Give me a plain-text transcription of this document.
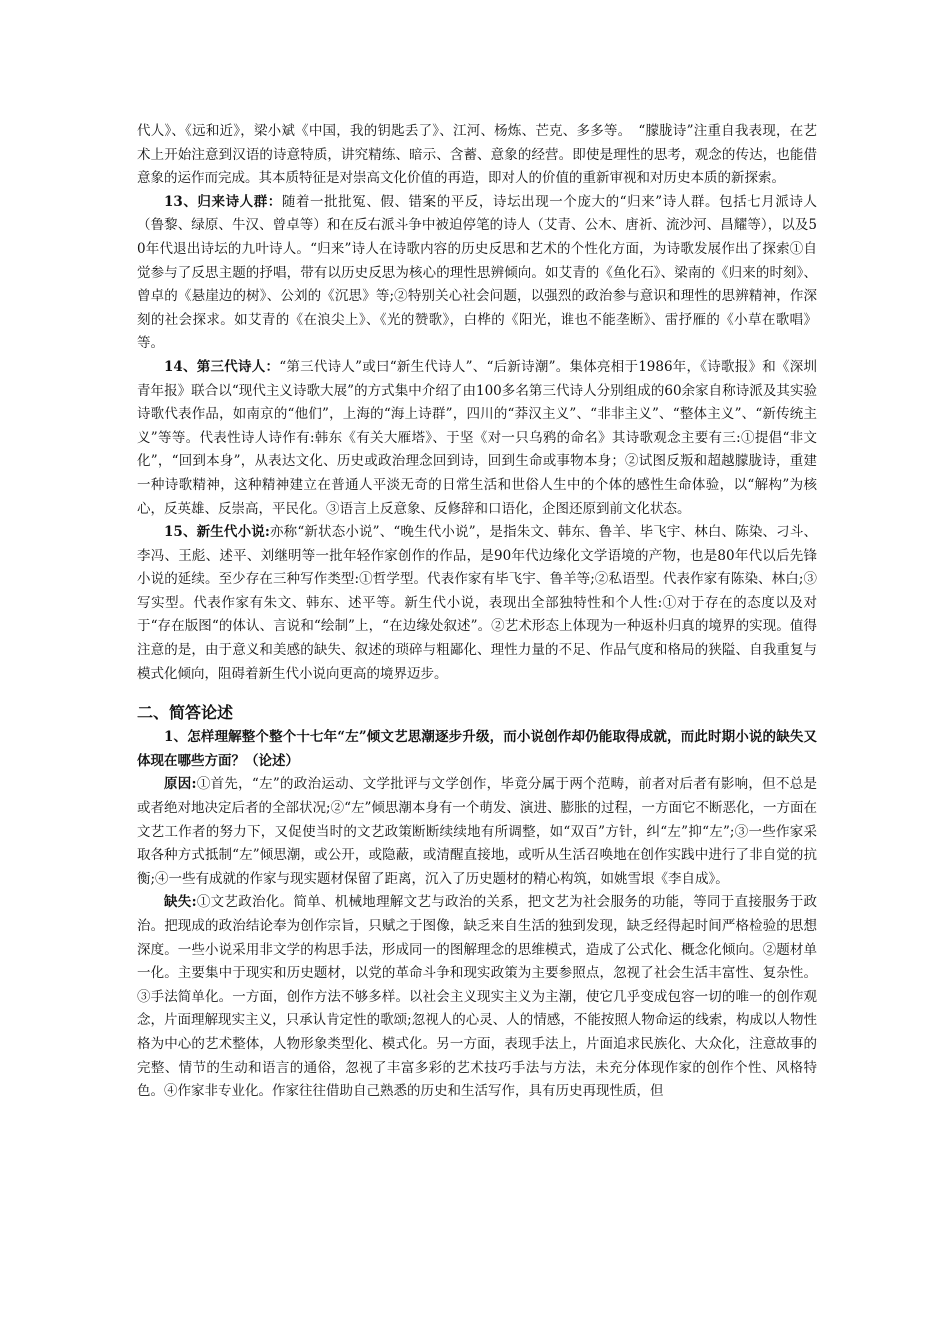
代人》、《远和近》，梁小斌《中国，我的钥匙丢了》、江河、杨炼、芒克、多多等。　“朦胧诗”注重自我表现，在艺术上开始注意到汉语的诗意特质，讲究精练、暗示、含蓄、意象的经营。即使是理性的思考，观念的传达，也能借意象的运作而完成。其本质特征是对崇高文化价值的再造，即对人的价值的重新审视和对历史本质的新探索。

13、归来诗人群：随着一批批冤、假、错案的平反，诗坛出现一个庞大的“归来”诗人群。包括七月派诗人（鲁黎、绿原、牛汉、曾卓等）和在反右派斗争中被迫停笔的诗人（艾青、公木、唐祈、流沙河、昌耀等），以及50年代退出诗坛的九叶诗人。“归来”诗人在诗歌内容的历史反思和艺术的个性化方面，为诗歌发展作出了探索①自觉参与了反思主题的抒唱，带有以历史反思为核心的理性思辨倾向。如艾青的《鱼化石》、梁南的《归来的时刻》、曾卓的《悬崖边的树》、公刘的《沉思》等;②特别关心社会问题，以强烈的政治参与意识和理性的思辨精神，作深刻的社会探求。如艾青的《在浪尖上》、《光的赞歌》，白桦的《阳光，谁也不能垄断》、雷抒雁的《小草在歌唱》等。

14、第三代诗人：“第三代诗人”或曰“新生代诗人”、“后新诗潮”。集体亮相于1986年，《诗歌报》和《深圳青年报》联合以“现代主义诗歌大展”的方式集中介绍了由100多名第三代诗人分别组成的60余家自称诗派及其实验诗歌代表作品，如南京的“他们”，上海的“海上诗群”，四川的“莽汉主义”、“非非主义”、“整体主义”、“新传统主义”等等。代表性诗人诗作有:韩东《有关大雁塔》、于坚《对一只乌鸦的命名》其诗歌观念主要有三:①提倡“非文化”，“回到本身”，从表达文化、历史或政治理念回到诗，回到生命或事物本身；②试图反叛和超越朦胧诗，重建一种诗歌精神，这种精神建立在普通人平淡无奇的日常生活和世俗人生中的个体的感性生命体验，以“解构”为核心，反英雄、反崇高，平民化。③语言上反意象、反修辞和口语化，企图还原到前文化状态。

15、新生代小说:亦称“新状态小说”、“晚生代小说”，是指朱文、韩东、鲁羊、毕飞宇、林白、陈染、刁斗、李冯、王彪、述平、刘继明等一批年轻作家创作的作品，是90年代边缘化文学语境的产物，也是80年代以后先锋小说的延续。至少存在三种写作类型:①哲学型。代表作家有毕飞宇、鲁羊等;②私语型。代表作家有陈染、林白;③写实型。代表作家有朱文、韩东、述平等。新生代小说，表现出全部独特性和个人性:①对于存在的态度以及对于“存在版图“的体认、言说和“绘制”上，“在边缘处叙述”。②艺术形态上体现为一种返朴归真的境界的实现。值得注意的是，由于意义和美感的缺失、叙述的琐碎与粗鄙化、理性力量的不足、作品气度和格局的狭隘、自我重复与模式化倾向，阻碍着新生代小说向更高的境界迈步。

二、简答论述

1、怎样理解整个整个十七年“左”倾文艺思潮逐步升级，而小说创作却仍能取得成就，而此时期小说的缺失又体现在哪些方面？（论述）

原因:①首先，“左”的政治运动、文学批评与文学创作，毕竟分属于两个范畴，前者对后者有影响，但不总是或者绝对地决定后者的全部状况;②“左”倾思潮本身有一个萌发、演进、膨胀的过程，一方面它不断恶化，一方面在文艺工作者的努力下，又促使当时的文艺政策断断续续地有所调整，如“双百”方针，纠“左”抑“左”;③一些作家采取各种方式抵制“左”倾思潮，或公开，或隐蔽，或清醒直接地，或听从生活召唤地在创作实践中进行了非自觉的抗衡;④一些有成就的作家与现实题材保留了距离，沉入了历史题材的精心构筑，如姚雪垠《李自成》。

缺失:①文艺政治化。简单、机械地理解文艺与政治的关系，把文艺为社会服务的功能，等同于直接服务于政治。把现成的政治结论奉为创作宗旨，只赋之于图像，缺乏来自生活的独到发现，缺乏经得起时间严格检验的思想深度。一些小说采用非文学的构思手法，形成同一的图解理念的思维模式，造成了公式化、概念化倾向。②题材单一化。主要集中于现实和历史题材，以党的革命斗争和现实政策为主要参照点，忽视了社会生活丰富性、复杂性。③手法简单化。一方面，创作方法不够多样。以社会主义现实主义为主潮，使它几乎变成包容一切的唯一的创作观念，片面理解现实主义，只承认肯定性的歌颂;忽视人的心灵、人的情感，不能按照人物命运的线索，构成以人物性格为中心的艺术整体，人物形象类型化、模式化。另一方面，表现手法上，片面追求民族化、大众化，注意故事的完整、情节的生动和语言的通俗，忽视了丰富多彩的艺术技巧手法与方法，未充分体现作家的创作个性、风格特色。④作家非专业化。作家往往借助自己熟悉的历史和生活写作，具有历史再现性质，但
